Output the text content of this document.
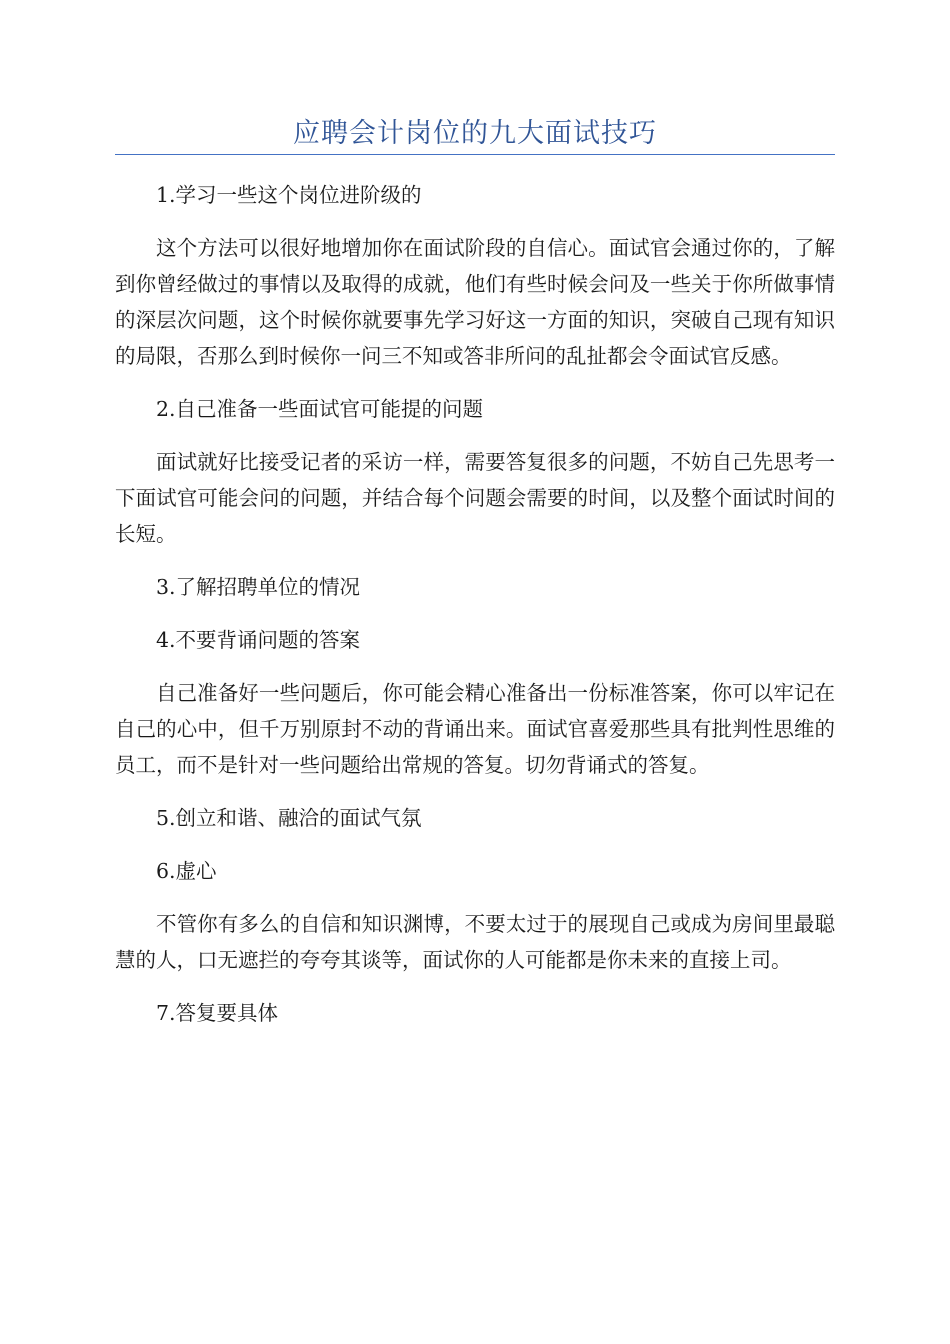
应聘会计岗位的九大面试技巧

1.学习一些这个岗位进阶级的

这个方法可以很好地增加你在面试阶段的自信心。面试官会通过你的，了解到你曾经做过的事情以及取得的成就，他们有些时候会问及一些关于你所做事情的深层次问题，这个时候你就要事先学习好这一方面的知识，突破自己现有知识的局限，否那么到时候你一问三不知或答非所问的乱扯都会令面试官反感。

2.自己准备一些面试官可能提的问题

面试就好比接受记者的采访一样，需要答复很多的问题，不妨自己先思考一下面试官可能会问的问题，并结合每个问题会需要的时间，以及整个面试时间的长短。

3.了解招聘单位的情况

4.不要背诵问题的答案

自己准备好一些问题后，你可能会精心准备出一份标准答案，你可以牢记在自己的心中，但千万别原封不动的背诵出来。面试官喜爱那些具有批判性思维的员工，而不是针对一些问题给出常规的答复。切勿背诵式的答复。

5.创立和谐、融洽的面试气氛

6.虚心

不管你有多么的自信和知识渊博，不要太过于的展现自己或成为房间里最聪慧的人，口无遮拦的夸夸其谈等，面试你的人可能都是你未来的直接上司。

7.答复要具体
